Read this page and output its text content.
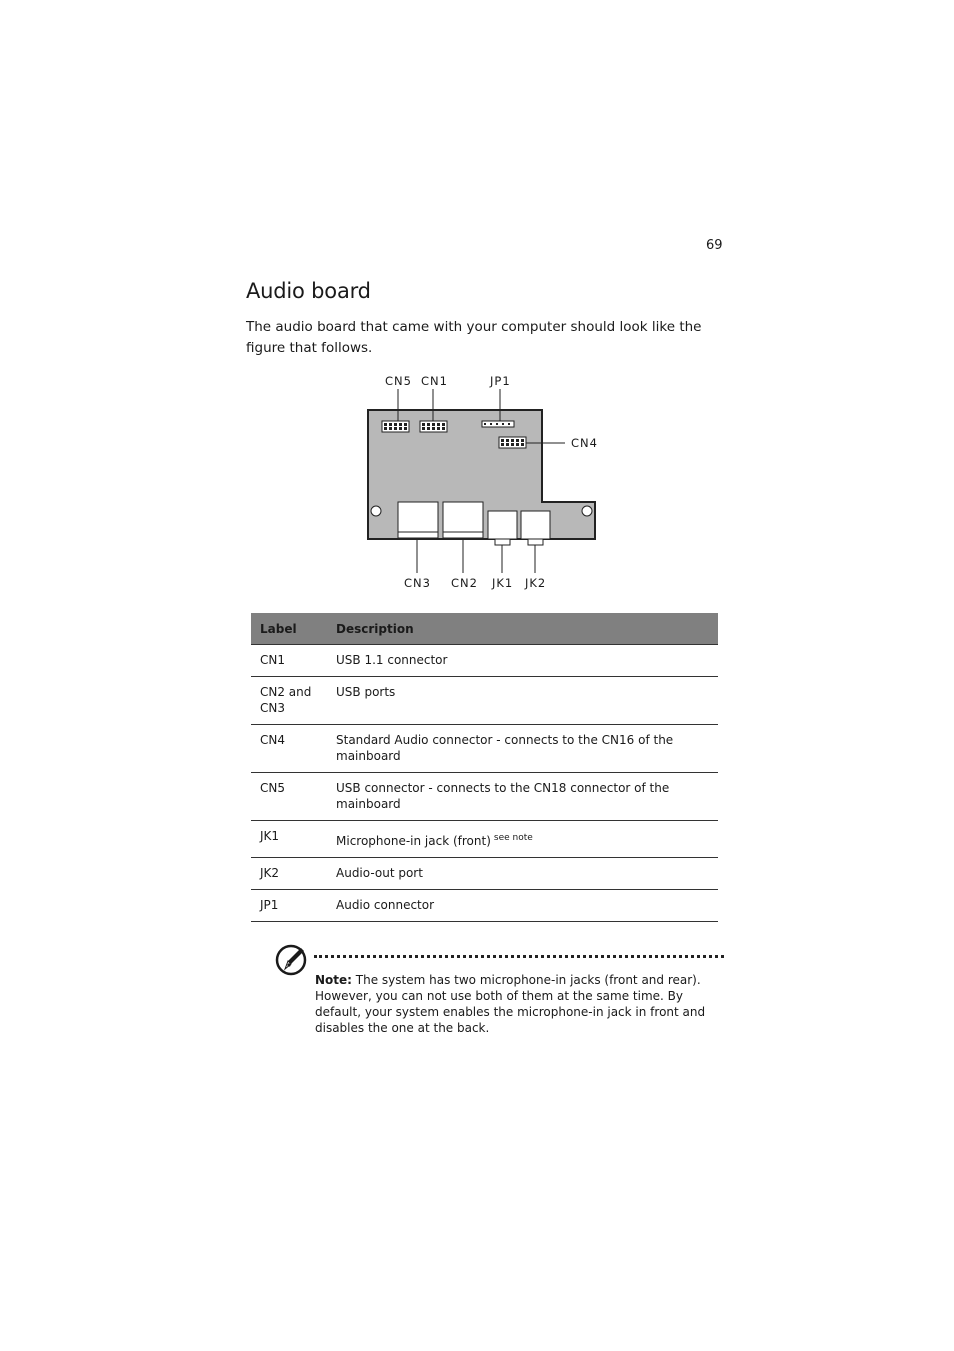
69
Audio board

The audio board that came with your computer should look like the figure that follows.

CN5 CN1	JP1
CN4
CN3 CN2 JK1 JK2
Label	Description
CN1	USB 1.1 connector
CN2 and CN3	USB ports
CN4	Standard Audio connector - connects to the CN16 of the mainboard
CN5	USB connector - connects to the CN18 connector of the mainboard
JK1	Microphone-in jack (front) $^{see note}$
JK2	Audio-out port
JP1	Audio connector

Note: The system has two microphone-in jacks (front and rear). However, you can not use both of them at the same time. By default, your system enables the microphone-in jack in front and disables the one at the back.
